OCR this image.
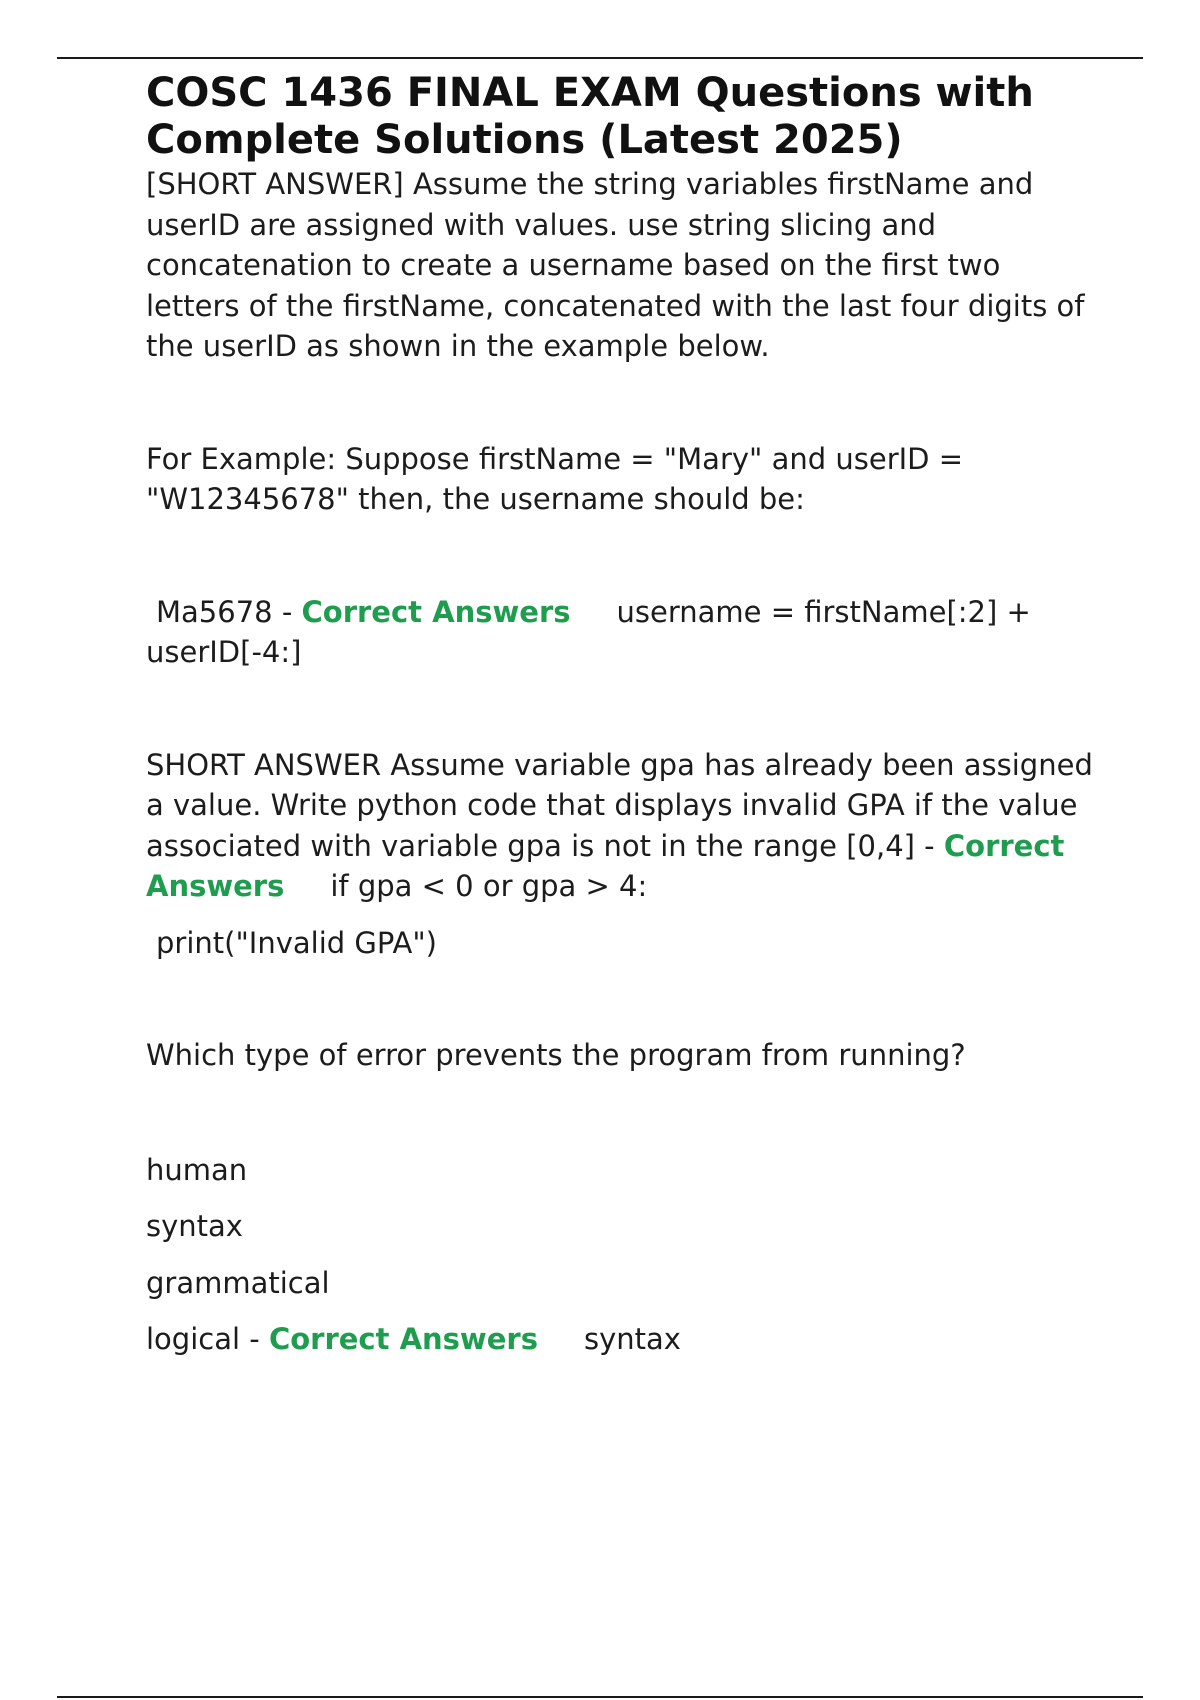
COSC 1436 FINAL EXAM Questions with Complete Solutions (Latest 2025)

[SHORT ANSWER] Assume the string variables firstName and userID are assigned with values. use string slicing and concatenation to create a username based on the first two letters of the firstName, concatenated with the last four digits of the userID as shown in the example below.

For Example: Suppose firstName = "Mary" and userID = "W12345678" then, the username should be:

Ma5678 - Correct Answers username = firstName[:2] + userID[-4:]

SHORT ANSWER Assume variable gpa has already been assigned a value. Write python code that displays invalid GPA if the value associated with variable gpa is not in the range [0,4] - Correct Answers if gpa < 0 or gpa > 4:

print("Invalid GPA")

Which type of error prevents the program from running?

human

syntax

grammatical

logical - Correct Answers syntax
